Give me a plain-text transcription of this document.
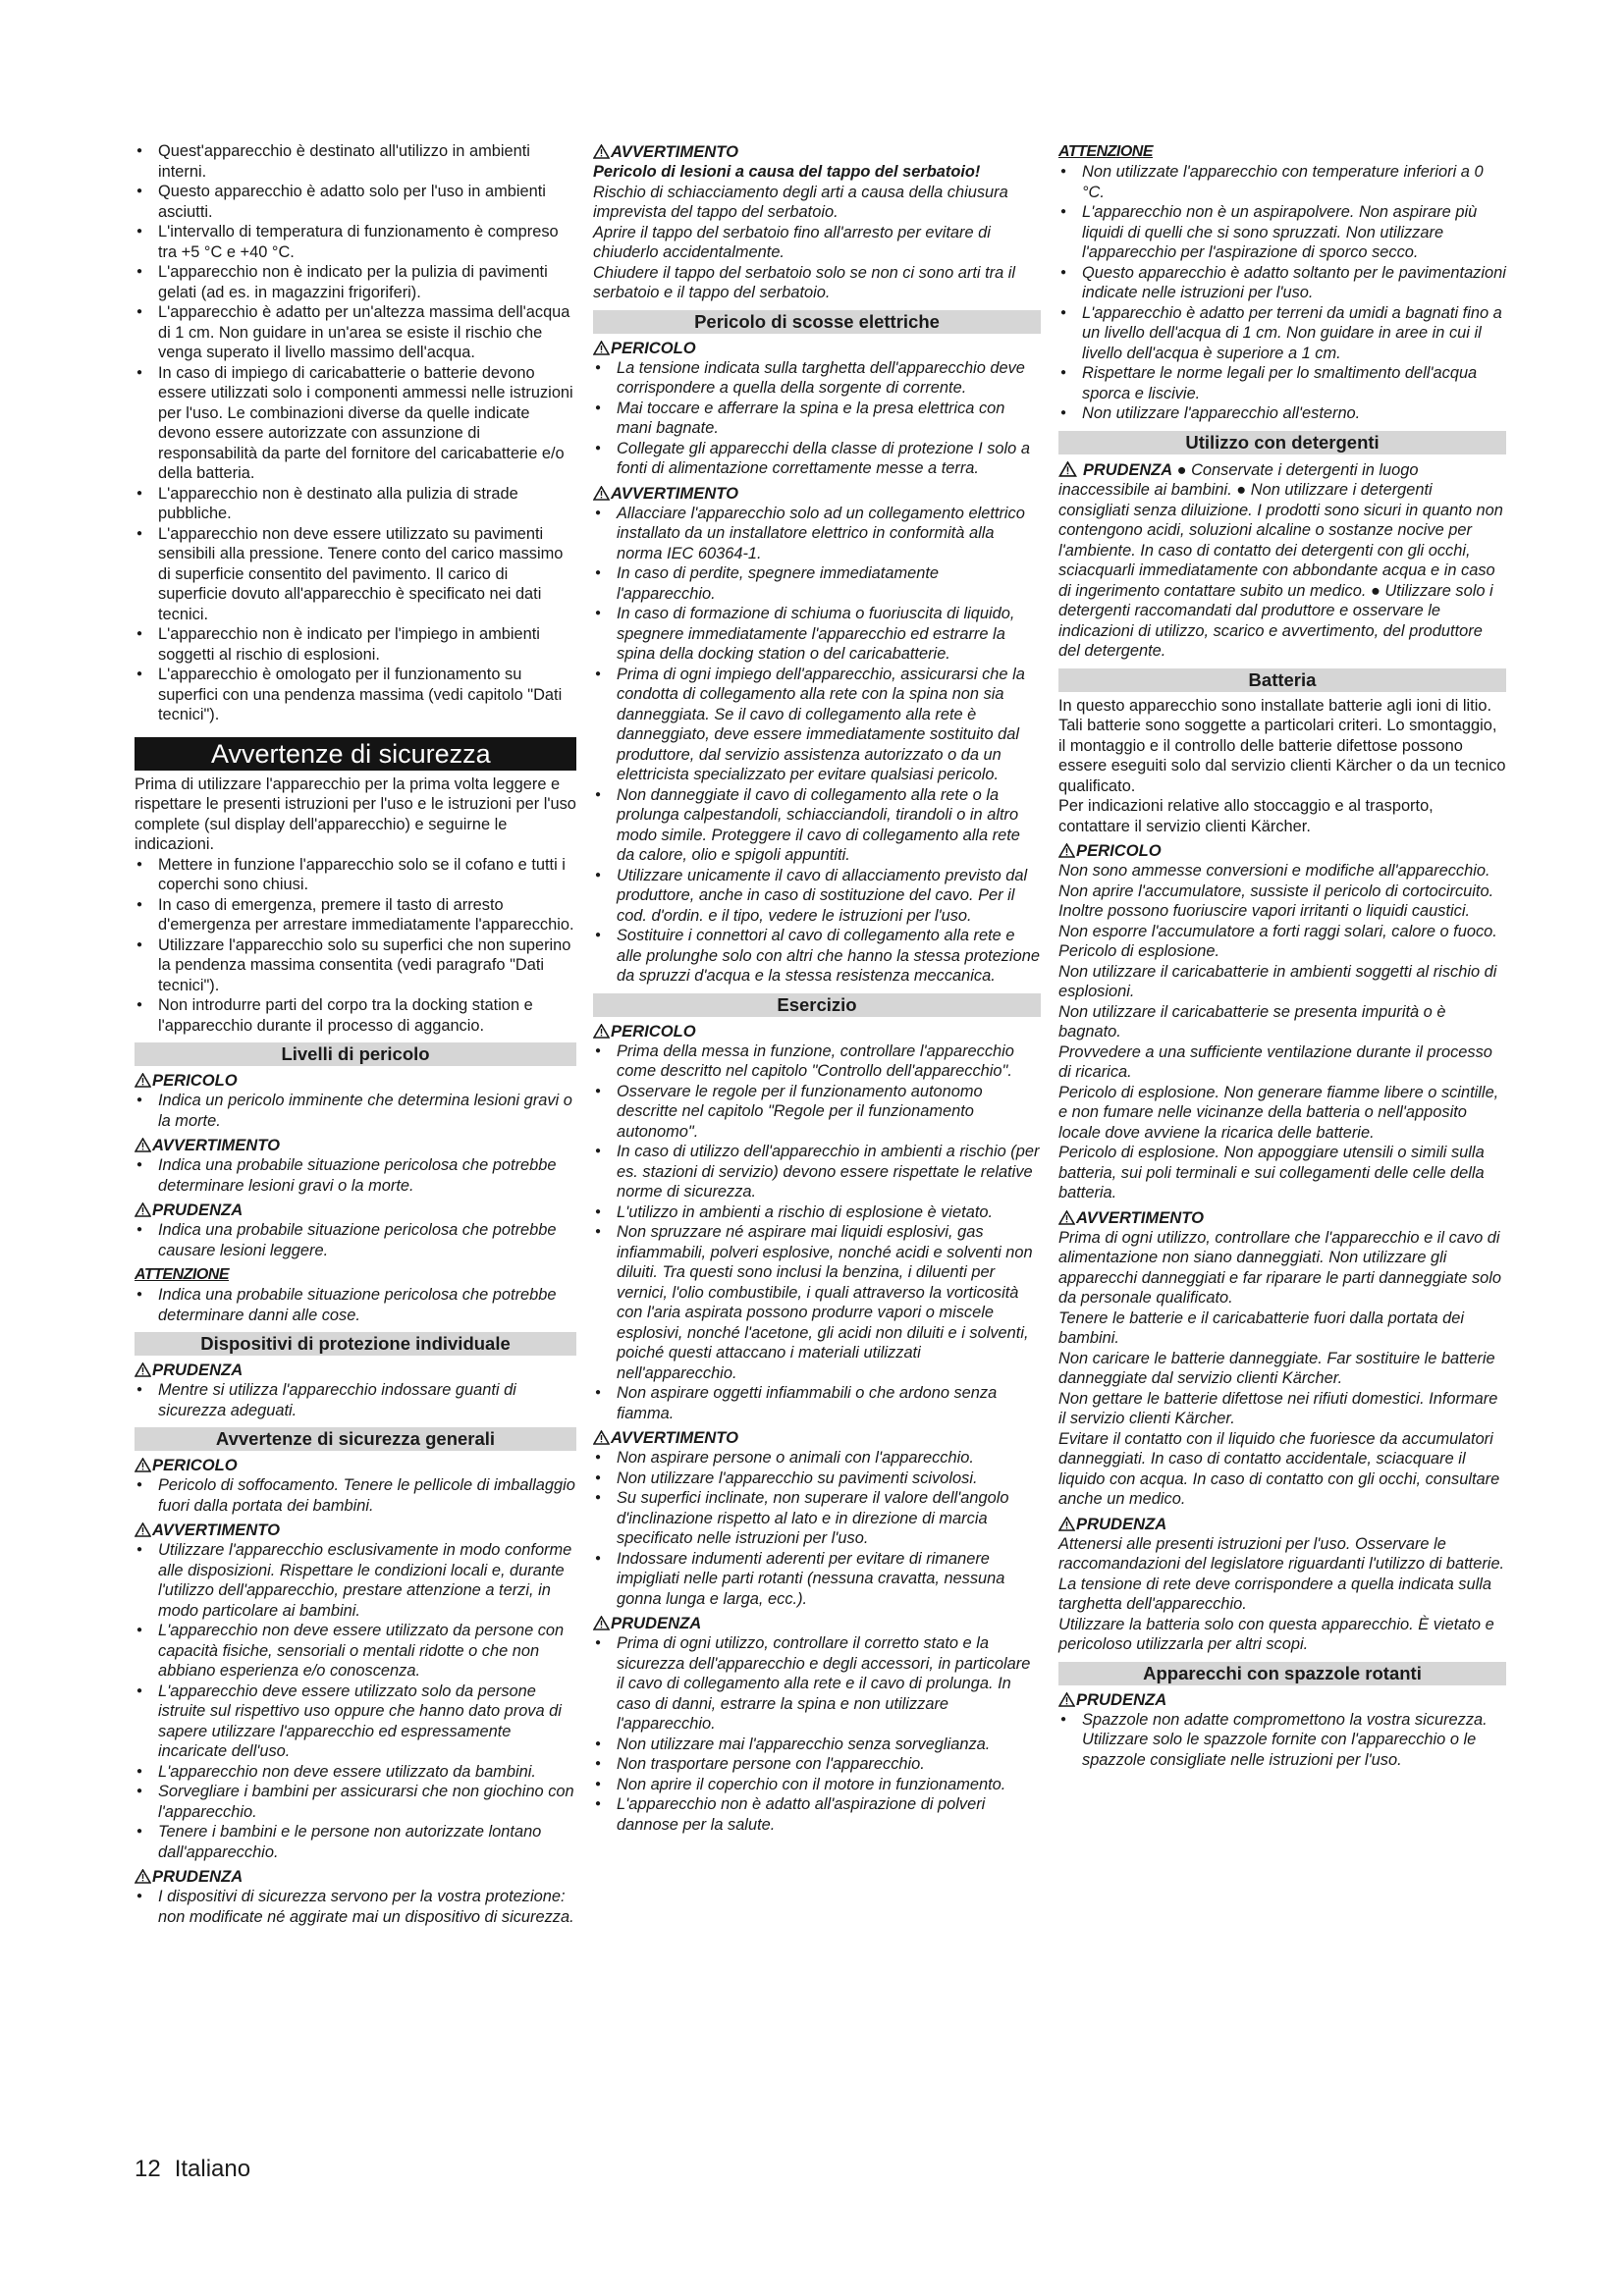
● Quest'apparecchio è destinato all'utilizzo in ambienti interni.
● Questo apparecchio è adatto solo per l'uso in ambienti asciutti.
● L'intervallo di temperatura di funzionamento è compreso tra +5 °C e +40 °C.
● L'apparecchio non è indicato per la pulizia di pavimenti gelati (ad es. in magazzini frigoriferi).
● L'apparecchio è adatto per un'altezza massima dell'acqua di 1 cm. Non guidare in un'area se esiste il rischio che venga superato il livello massimo dell'acqua.
● In caso di impiego di caricabatterie o batterie devono essere utilizzati solo i componenti ammessi nelle istruzioni per l'uso. Le combinazioni diverse da quelle indicate devono essere autorizzate con assunzione di responsabilità da parte del fornitore del caricabatterie e/o della batteria.
● L'apparecchio non è destinato alla pulizia di strade pubbliche.
● L'apparecchio non deve essere utilizzato su pavimenti sensibili alla pressione. Tenere conto del carico massimo di superficie consentito del pavimento. Il carico di superficie dovuto all'apparecchio è specificato nei dati tecnici.
● L'apparecchio non è indicato per l'impiego in ambienti soggetti al rischio di esplosioni.
● L'apparecchio è omologato per il funzionamento su superfici con una pendenza massima (vedi capitolo "Dati tecnici").
Avvertenze di sicurezza

Prima di utilizzare l'apparecchio per la prima volta leggere e rispettare le presenti istruzioni per l'uso e le istruzioni per l'uso complete (sul display dell'apparecchio) e seguirne le indicazioni.

● Mettere in funzione l'apparecchio solo se il cofano e tutti i coperchi sono chiusi.
● In caso di emergenza, premere il tasto di arresto d'emergenza per arrestare immediatamente l'apparecchio.
● Utilizzare l'apparecchio solo su superfici che non superino la pendenza massima consentita (vedi paragrafo "Dati tecnici").
● Non introdurre parti del corpo tra la docking station e l'apparecchio durante il processo di aggancio.
Livelli di pericolo
PERICOLO
● Indica un pericolo imminente che determina lesioni gravi o la morte.
AVVERTIMENTO
● Indica una probabile situazione pericolosa che potrebbe determinare lesioni gravi o la morte.
PRUDENZA
● Indica una probabile situazione pericolosa che potrebbe causare lesioni leggere.
ATTENZIONE
● Indica una probabile situazione pericolosa che potrebbe determinare danni alle cose.
Dispositivi di protezione individuale
PRUDENZA
● Mentre si utilizza l'apparecchio indossare guanti di sicurezza adeguati.
Avvertenze di sicurezza generali
PERICOLO
● Pericolo di soffocamento. Tenere le pellicole di imballaggio fuori dalla portata dei bambini.
AVVERTIMENTO
● Utilizzare l'apparecchio esclusivamente in modo conforme alle disposizioni. Rispettare le condizioni locali e, durante l'utilizzo dell'apparecchio, prestare attenzione a terzi, in modo particolare ai bambini.
● L'apparecchio non deve essere utilizzato da persone con capacità fisiche, sensoriali o mentali ridotte o che non abbiano esperienza e/o conoscenza.
● L'apparecchio deve essere utilizzato solo da persone istruite sul rispettivo uso oppure che hanno dato prova di sapere utilizzare l'apparecchio ed espressamente incaricate dell'uso.
● L'apparecchio non deve essere utilizzato da bambini.
● Sorvegliare i bambini per assicurarsi che non giochino con l'apparecchio.
● Tenere i bambini e le persone non autorizzate lontano dall'apparecchio.
PRUDENZA
● I dispositivi di sicurezza servono per la vostra protezione: non modificate né aggirate mai un dispositivo di sicurezza.
AVVERTIMENTO

Pericolo di lesioni a causa del tappo del serbatoio!

Rischio di schiacciamento degli arti a causa della chiusura imprevista del tappo del serbatoio.

Aprire il tappo del serbatoio fino all'arresto per evitare di chiuderlo accidentalmente.

Chiudere il tappo del serbatoio solo se non ci sono arti tra il serbatoio e il tappo del serbatoio.

Pericolo di scosse elettriche
PERICOLO
● La tensione indicata sulla targhetta dell'apparecchio deve corrispondere a quella della sorgente di corrente.
● Mai toccare e afferrare la spina e la presa elettrica con mani bagnate.
● Collegate gli apparecchi della classe di protezione I solo a fonti di alimentazione correttamente messe a terra.
AVVERTIMENTO
● Allacciare l'apparecchio solo ad un collegamento elettrico installato da un installatore elettrico in conformità alla norma IEC 60364-1.
● In caso di perdite, spegnere immediatamente l'apparecchio.
● In caso di formazione di schiuma o fuoriuscita di liquido, spegnere immediatamente l'apparecchio ed estrarre la spina della docking station o del caricabatterie.
● Prima di ogni impiego dell'apparecchio, assicurarsi che la condotta di collegamento alla rete con la spina non sia danneggiata. Se il cavo di collegamento alla rete è danneggiato, deve essere immediatamente sostituito dal produttore, dal servizio assistenza autorizzato o da un elettricista specializzato per evitare qualsiasi pericolo.
● Non danneggiate il cavo di collegamento alla rete o la prolunga calpestandoli, schiacciandoli, tirandoli o in altro modo simile. Proteggere il cavo di collegamento alla rete da calore, olio e spigoli appuntiti.
● Utilizzare unicamente il cavo di allacciamento previsto dal produttore, anche in caso di sostituzione del cavo. Per il cod. d'ordin. e il tipo, vedere le istruzioni per l'uso.
● Sostituire i connettori al cavo di collegamento alla rete e alle prolunghe solo con altri che hanno la stessa protezione da spruzzi d'acqua e la stessa resistenza meccanica.
Esercizio
PERICOLO
● Prima della messa in funzione, controllare l'apparecchio come descritto nel capitolo "Controllo dell'apparecchio".
● Osservare le regole per il funzionamento autonomo descritte nel capitolo "Regole per il funzionamento autonomo".
● In caso di utilizzo dell'apparecchio in ambienti a rischio (per es. stazioni di servizio) devono essere rispettate le relative norme di sicurezza.
● L'utilizzo in ambienti a rischio di esplosione è vietato.
● Non spruzzare né aspirare mai liquidi esplosivi, gas infiammabili, polveri esplosive, nonché acidi e solventi non diluiti. Tra questi sono inclusi la benzina, i diluenti per vernici, l'olio combustibile, i quali attraverso la vorticosità con l'aria aspirata possono produrre vapori o miscele esplosivi, nonché l'acetone, gli acidi non diluiti e i solventi, poiché questi attaccano i materiali utilizzati nell'apparecchio.
● Non aspirare oggetti infiammabili o che ardono senza fiamma.
AVVERTIMENTO
● Non aspirare persone o animali con l'apparecchio.
● Non utilizzare l'apparecchio su pavimenti scivolosi.
● Su superfici inclinate, non superare il valore dell'angolo d'inclinazione rispetto al lato e in direzione di marcia specificato nelle istruzioni per l'uso.
● Indossare indumenti aderenti per evitare di rimanere impigliati nelle parti rotanti (nessuna cravatta, nessuna gonna lunga e larga, ecc.).
PRUDENZA
● Prima di ogni utilizzo, controllare il corretto stato e la sicurezza dell'apparecchio e degli accessori, in particolare il cavo di collegamento alla rete e il cavo di prolunga. In caso di danni, estrarre la spina e non utilizzare l'apparecchio.
● Non utilizzare mai l'apparecchio senza sorveglianza.
● Non trasportare persone con l'apparecchio.
● Non aprire il coperchio con il motore in funzionamento.
● L'apparecchio non è adatto all'aspirazione di polveri dannose per la salute.
ATTENZIONE
● Non utilizzate l'apparecchio con temperature inferiori a 0 °C.
● L'apparecchio non è un aspirapolvere. Non aspirare più liquidi di quelli che si sono spruzzati. Non utilizzare l'apparecchio per l'aspirazione di sporco secco.
● Questo apparecchio è adatto soltanto per le pavimentazioni indicate nelle istruzioni per l'uso.
● L'apparecchio è adatto per terreni da umidi a bagnati fino a un livello dell'acqua di 1 cm. Non guidare in aree in cui il livello dell'acqua è superiore a 1 cm.
● Rispettare le norme legali per lo smaltimento dell'acqua sporca e liscivie.
● Non utilizzare l'apparecchio all'esterno.
Utilizzo con detergenti

PRUDENZA ● Conservate i detergenti in luogo inaccessibile ai bambini. ● Non utilizzare i detergenti consigliati senza diluizione. I prodotti sono sicuri in quanto non contengono acidi, soluzioni alcaline o sostanze nocive per l'ambiente. In caso di contatto dei detergenti con gli occhi, sciacquarli immediatamente con abbondante acqua e in caso di ingerimento contattare subito un medico. ● Utilizzare solo i detergenti raccomandati dal produttore e osservare le indicazioni di utilizzo, scarico e avvertimento, del produttore del detergente.

Batteria

In questo apparecchio sono installate batterie agli ioni di litio. Tali batterie sono soggette a particolari criteri. Lo smontaggio, il montaggio e il controllo delle batterie difettose possono essere eseguiti solo dal servizio clienti Kärcher o da un tecnico qualificato.

Per indicazioni relative allo stoccaggio e al trasporto, contattare il servizio clienti Kärcher.

PERICOLO

Non sono ammesse conversioni e modifiche all'apparecchio.

Non aprire l'accumulatore, sussiste il pericolo di cortocircuito. Inoltre possono fuoriuscire vapori irritanti o liquidi caustici.

Non esporre l'accumulatore a forti raggi solari, calore o fuoco. Pericolo di esplosione.

Non utilizzare il caricabatterie in ambienti soggetti al rischio di esplosioni.

Non utilizzare il caricabatterie se presenta impurità o è bagnato.

Provvedere a una sufficiente ventilazione durante il processo di ricarica.

Pericolo di esplosione. Non generare fiamme libere o scintille, e non fumare nelle vicinanze della batteria o nell'apposito locale dove avviene la ricarica delle batterie.

Pericolo di esplosione. Non appoggiare utensili o simili sulla batteria, sui poli terminali e sui collegamenti delle celle della batteria.

AVVERTIMENTO

Prima di ogni utilizzo, controllare che l'apparecchio e il cavo di alimentazione non siano danneggiati. Non utilizzare gli apparecchi danneggiati e far riparare le parti danneggiate solo da personale qualificato.

Tenere le batterie e il caricabatterie fuori dalla portata dei bambini.

Non caricare le batterie danneggiate. Far sostituire le batterie danneggiate dal servizio clienti Kärcher.

Non gettare le batterie difettose nei rifiuti domestici. Informare il servizio clienti Kärcher.

Evitare il contatto con il liquido che fuoriesce da accumulatori danneggiati. In caso di contatto accidentale, sciacquare il liquido con acqua. In caso di contatto con gli occhi, consultare anche un medico.

PRUDENZA

Attenersi alle presenti istruzioni per l'uso. Osservare le raccomandazioni del legislatore riguardanti l'utilizzo di batterie.

La tensione di rete deve corrispondere a quella indicata sulla targhetta dell'apparecchio.

Utilizzare la batteria solo con questa apparecchio. È vietato e pericoloso utilizzarla per altri scopi.

Apparecchi con spazzole rotanti
PRUDENZA
● Spazzole non adatte compromettono la vostra sicurezza. Utilizzare solo le spazzole fornite con l'apparecchio o le spazzole consigliate nelle istruzioni per l'uso.
12 Italiano
